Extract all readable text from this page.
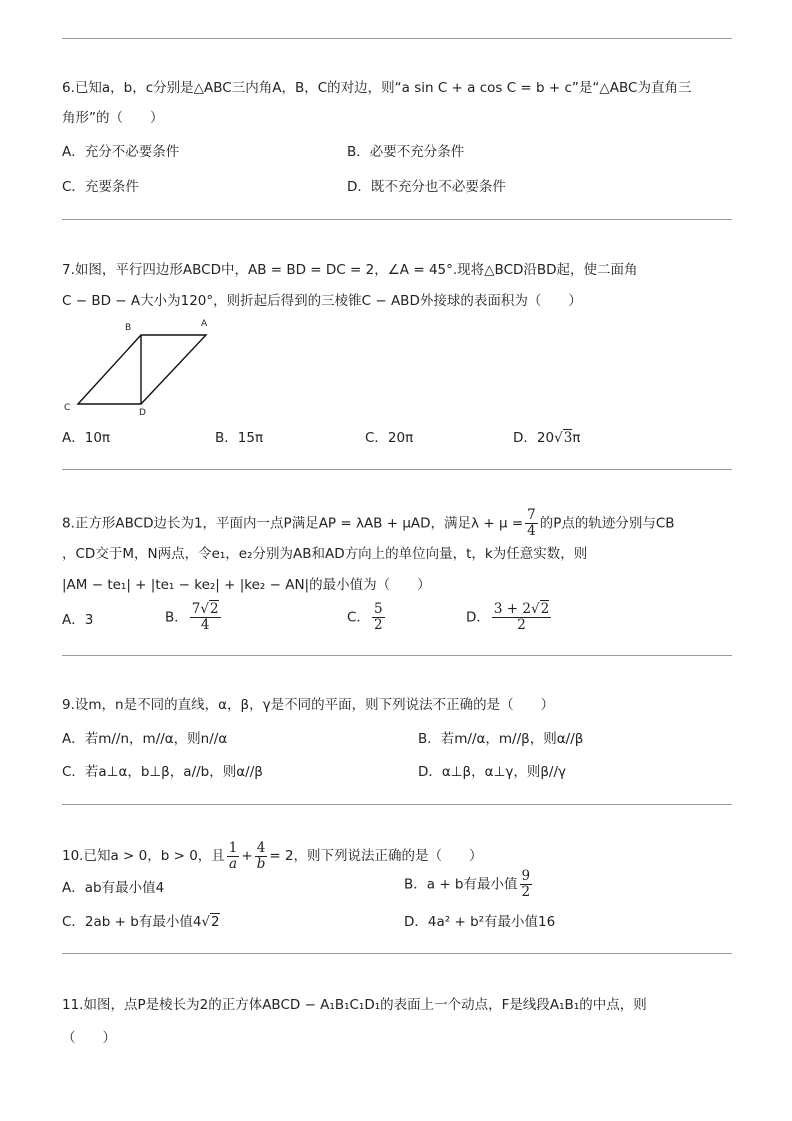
6.已知a，b，c分别是△ABC三内角A，B，C的对边，则“a sin C + a cos C = b + c”是“△ABC为直角三
角形”的（　　）
A．充分不必要条件	B．必要不充分条件
C．充要条件	D．既不充分也不必要条件
7.如图，平行四边形ABCD中，AB = BD = DC = 2，∠A = 45°.现将△BCD沿BD起，使二面角
C − BD − A大小为120°，则折起后得到的三棱锥C − ABD外接球的表面积为（　　）
B	A
C	D
A．10π	B．15π	C．20π	D．20√3π
8.正方形ABCD边长为1，平面内一点P满足AP = λAB + μAD，满足$\lambda + \mu = \frac{7}{4}$ 的P点的轨迹分别与CB
，CD交于M，N两点，令e₁，e₂分别为AB和AD方向上的单位向量，t，k为任意实数，则
|AM − te₁| + |te₁ − ke₂| + |ke₂ − AN|的最小值为（　　）
A．3	B． $\frac{7√2}{4}$	C． $\frac{5}{2}$	D． $\frac{3 + 2√2}{2}$
9.设m，n是不同的直线，α，β，γ是不同的平面，则下列说法不正确的是（　　）
A．若m//n，m//α，则n//α	B．若m//α，m//β，则α//β
C．若a⊥α，b⊥β，a//b，则α//β	D．α⊥β，α⊥γ，则β//γ
10.已知a > 0，b > 0，且 $\frac{1}{a} + \frac{4}{b} = 2$，则下列说法正确的是（　　）
A．ab有最小值4	B．a + b有最小值 $\frac{9}{2}$
C．2ab + b有最小值4√2	D．4a² + b²有最小值16
11.如图，点P是棱长为2的正方体ABCD − A₁B₁C₁D₁的表面上一个动点，F是线段A₁B₁的中点，则
（　　）
